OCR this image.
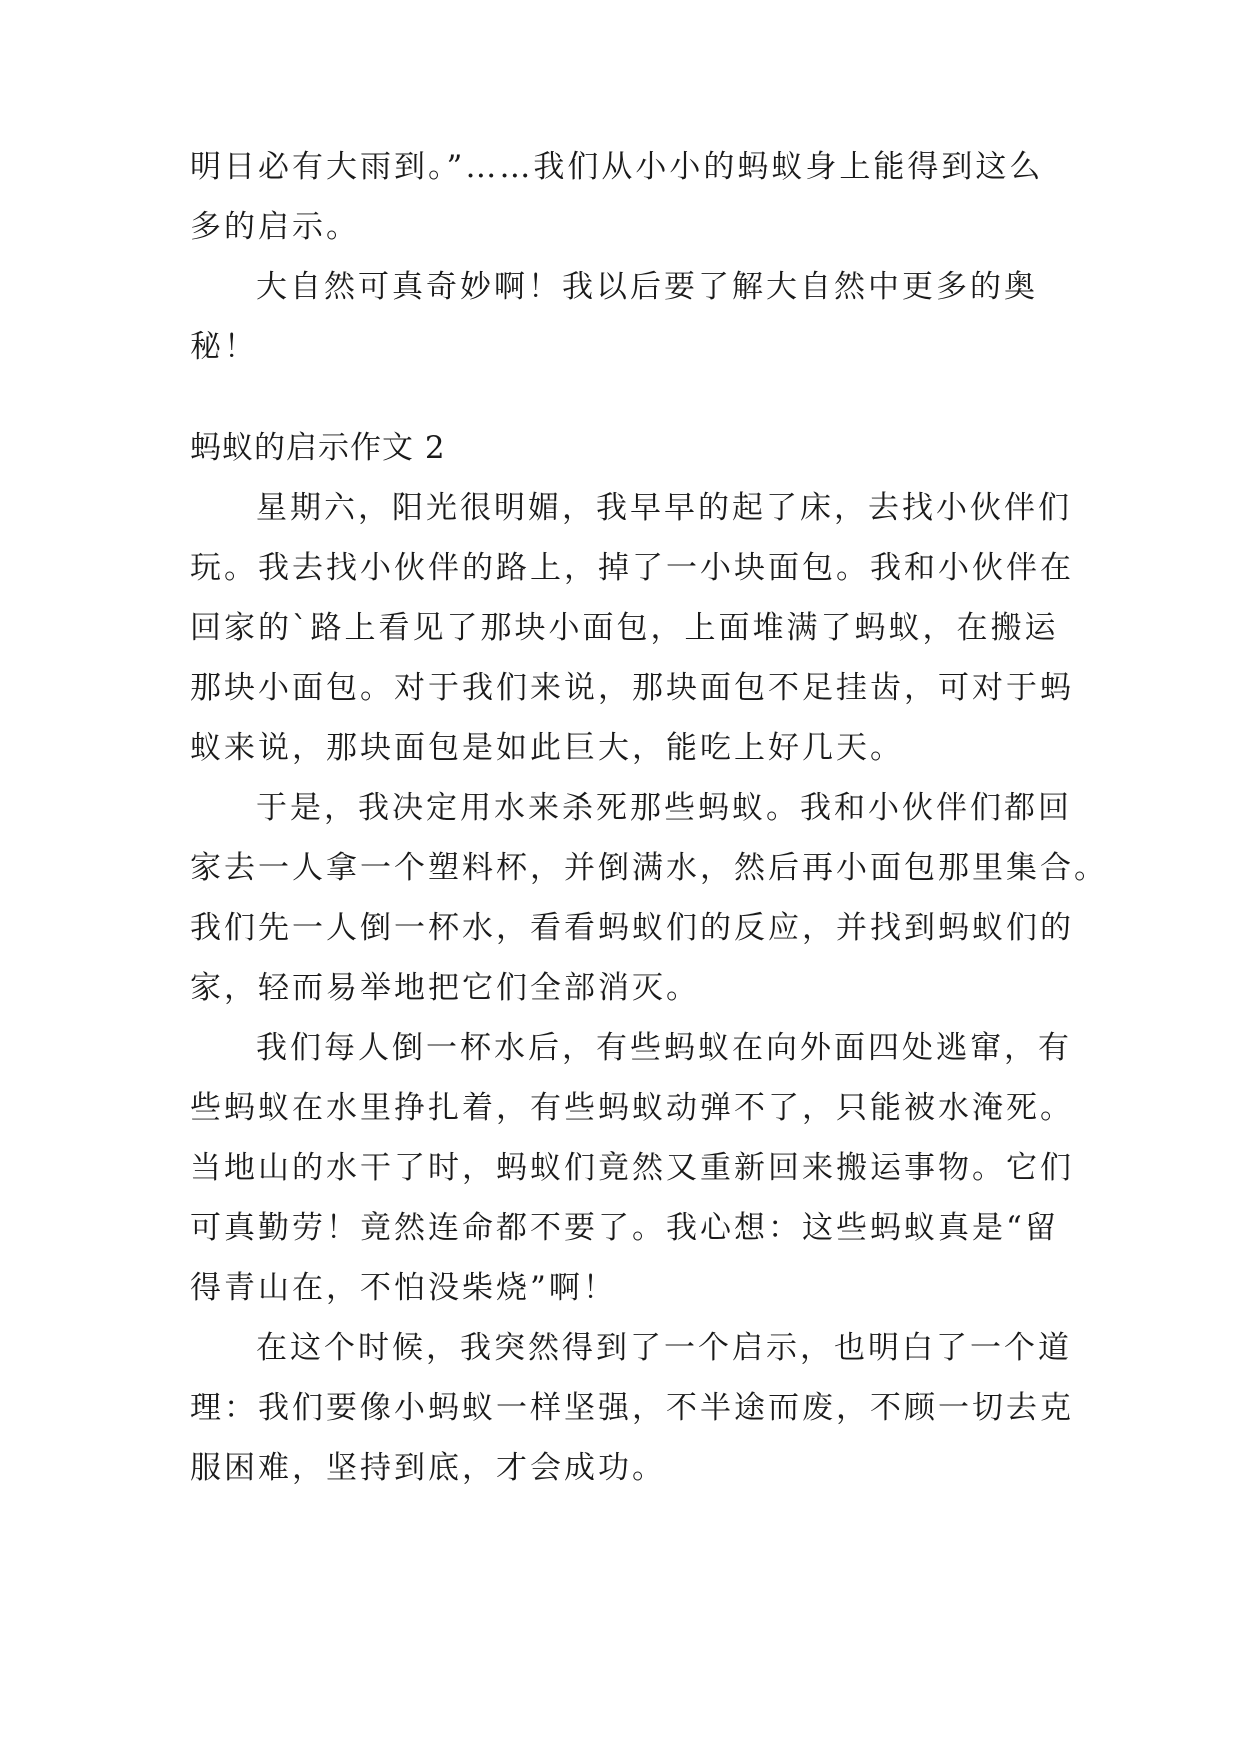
明日必有大雨到。”……我们从小小的蚂蚁身上能得到这么
多的启示。
大自然可真奇妙啊！我以后要了解大自然中更多的奥
秘！
蚂蚁的启示作文 2
星期六，阳光很明媚，我早早的起了床，去找小伙伴们
玩。我去找小伙伴的路上，掉了一小块面包。我和小伙伴在
回家的`路上看见了那块小面包，上面堆满了蚂蚁，在搬运
那块小面包。对于我们来说，那块面包不足挂齿，可对于蚂
蚁来说，那块面包是如此巨大，能吃上好几天。
于是，我决定用水来杀死那些蚂蚁。我和小伙伴们都回
家去一人拿一个塑料杯，并倒满水，然后再小面包那里集合。
我们先一人倒一杯水，看看蚂蚁们的反应，并找到蚂蚁们的
家，轻而易举地把它们全部消灭。
我们每人倒一杯水后，有些蚂蚁在向外面四处逃窜，有
些蚂蚁在水里挣扎着，有些蚂蚁动弹不了，只能被水淹死。
当地山的水干了时，蚂蚁们竟然又重新回来搬运事物。它们
可真勤劳！竟然连命都不要了。我心想：这些蚂蚁真是“留
得青山在，不怕没柴烧”啊！
在这个时候，我突然得到了一个启示，也明白了一个道
理：我们要像小蚂蚁一样坚强，不半途而废，不顾一切去克
服困难，坚持到底，才会成功。
